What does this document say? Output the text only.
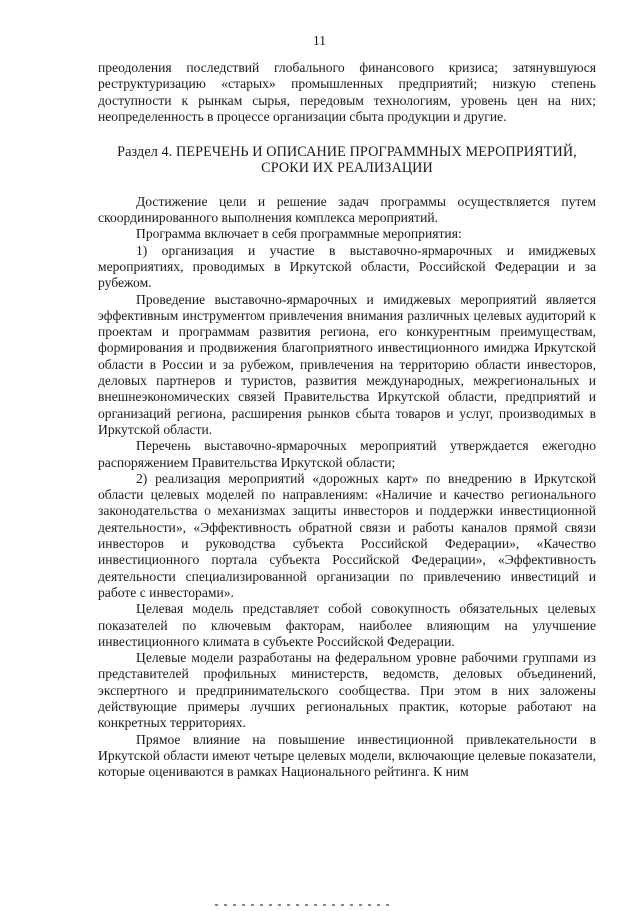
11

преодоления последствий глобального финансового кризиса; затянувшуюся реструктуризацию «старых» промышленных предприятий; низкую степень доступности к рынкам сырья, передовым технологиям, уровень цен на них; неопределенность в процессе организации сбыта продукции и другие.

Раздел 4. ПЕРЕЧЕНЬ И ОПИСАНИЕ ПРОГРАММНЫХ МЕРОПРИЯТИЙ, СРОКИ ИХ РЕАЛИЗАЦИИ

Достижение цели и решение задач программы осуществляется путем скоординированного выполнения комплекса мероприятий.

Программа включает в себя программные мероприятия:

1) организация и участие в выставочно-ярмарочных и имиджевых мероприятиях, проводимых в Иркутской области, Российской Федерации и за рубежом.

Проведение выставочно-ярмарочных и имиджевых мероприятий является эффективным инструментом привлечения внимания различных целевых аудиторий к проектам и программам развития региона, его конкурентным преимуществам, формирования и продвижения благоприятного инвестиционного имиджа Иркутской области в России и за рубежом, привлечения на территорию области инвесторов, деловых партнеров и туристов, развития международных, межрегиональных и внешнеэкономических связей Правительства Иркутской области, предприятий и организаций региона, расширения рынков сбыта товаров и услуг, производимых в Иркутской области.

Перечень выставочно-ярмарочных мероприятий утверждается ежегодно распоряжением Правительства Иркутской области;

2) реализация мероприятий «дорожных карт» по внедрению в Иркутской области целевых моделей по направлениям: «Наличие и качество регионального законодательства о механизмах защиты инвесторов и поддержки инвестиционной деятельности», «Эффективность обратной связи и работы каналов прямой связи инвесторов и руководства субъекта Российской Федерации», «Качество инвестиционного портала субъекта Российской Федерации», «Эффективность деятельности специализированной организации по привлечению инвестиций и работе с инвесторами».

Целевая модель представляет собой совокупность обязательных целевых показателей по ключевым факторам, наиболее влияющим на улучшение инвестиционного климата в субъекте Российской Федерации.

Целевые модели разработаны на федеральном уровне рабочими группами из представителей профильных министерств, ведомств, деловых объединений, экспертного и предпринимательского сообщества. При этом в них заложены действующие примеры лучших региональных практик, которые работают на конкретных территориях.

Прямое влияние на повышение инвестиционной привлекательности в Иркутской области имеют четыре целевых модели, включающие целевые показатели, которые оцениваются в рамках Национального рейтинга. К ним
